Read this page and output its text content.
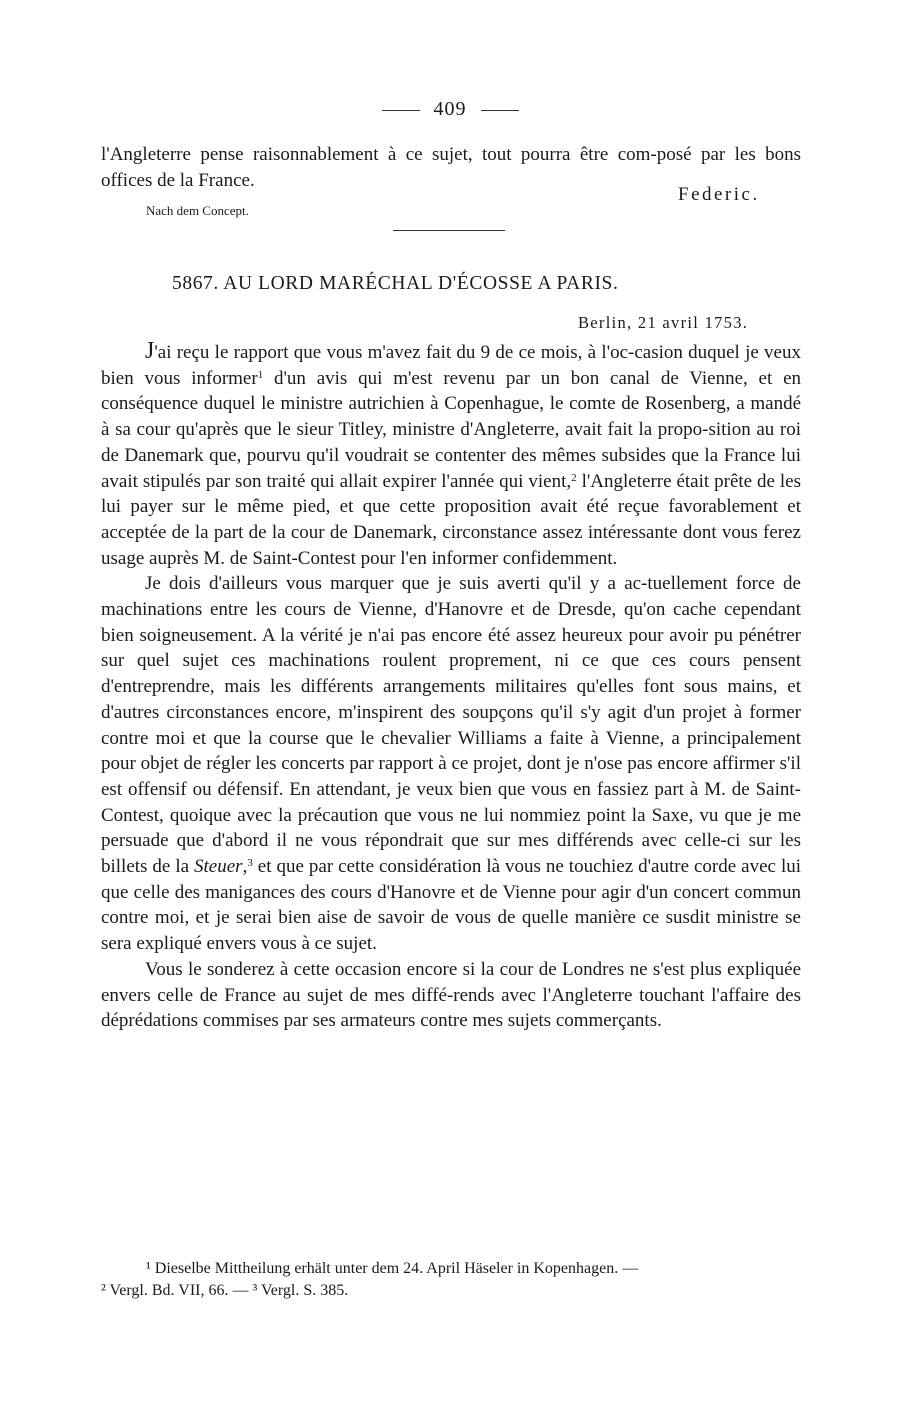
409
l'Angleterre pense raisonnablement à ce sujet, tout pourra être com-posé par les bons offices de la France.
Federic.
Nach dem Concept.
5867. AU LORD MARÉCHAL D'ÉCOSSE A PARIS.
Berlin, 21 avril 1753.

J'ai reçu le rapport que vous m'avez fait du 9 de ce mois, à l'oc-casion duquel je veux bien vous informer$^1$ d'un avis qui m'est revenu par un bon canal de Vienne, et en conséquence duquel le ministre autrichien à Copenhague, le comte de Rosenberg, a mandé à sa cour qu'après que le sieur Titley, ministre d'Angleterre, avait fait la propo-sition au roi de Danemark que, pourvu qu'il voudrait se contenter des mêmes subsides que la France lui avait stipulés par son traité qui allait expirer l'année qui vient,$^2$ l'Angleterre était prête de les lui payer sur le même pied, et que cette proposition avait été reçue favorablement et acceptée de la part de la cour de Danemark, circonstance assez intéressante dont vous ferez usage auprès M. de Saint-Contest pour l'en informer confidemment.

Je dois d'ailleurs vous marquer que je suis averti qu'il y a ac-tuellement force de machinations entre les cours de Vienne, d'Hanovre et de Dresde, qu'on cache cependant bien soigneusement. A la vérité je n'ai pas encore été assez heureux pour avoir pu pénétrer sur quel sujet ces machinations roulent proprement, ni ce que ces cours pensent d'entreprendre, mais les différents arrangements militaires qu'elles font sous mains, et d'autres circonstances encore, m'inspirent des soupçons qu'il s'y agit d'un projet à former contre moi et que la course que le chevalier Williams a faite à Vienne, a principalement pour objet de régler les concerts par rapport à ce projet, dont je n'ose pas encore affirmer s'il est offensif ou défensif. En attendant, je veux bien que vous en fassiez part à M. de Saint-Contest, quoique avec la précaution que vous ne lui nommiez point la Saxe, vu que je me persuade que d'abord il ne vous répondrait que sur mes différends avec celle-ci sur les billets de la Steuer,$^3$ et que par cette considération là vous ne touchiez d'autre corde avec lui que celle des manigances des cours d'Hanovre et de Vienne pour agir d'un concert commun contre moi, et je serai bien aise de savoir de vous de quelle manière ce susdit ministre se sera expliqué envers vous à ce sujet.

Vous le sonderez à cette occasion encore si la cour de Londres ne s'est plus expliquée envers celle de France au sujet de mes diffé-rends avec l'Angleterre touchant l'affaire des déprédations commises par ses armateurs contre mes sujets commerçants.

¹ Dieselbe Mittheilung erhält unter dem 24. April Häseler in Kopenhagen. —
² Vergl. Bd. VII, 66. — ³ Vergl. S. 385.
